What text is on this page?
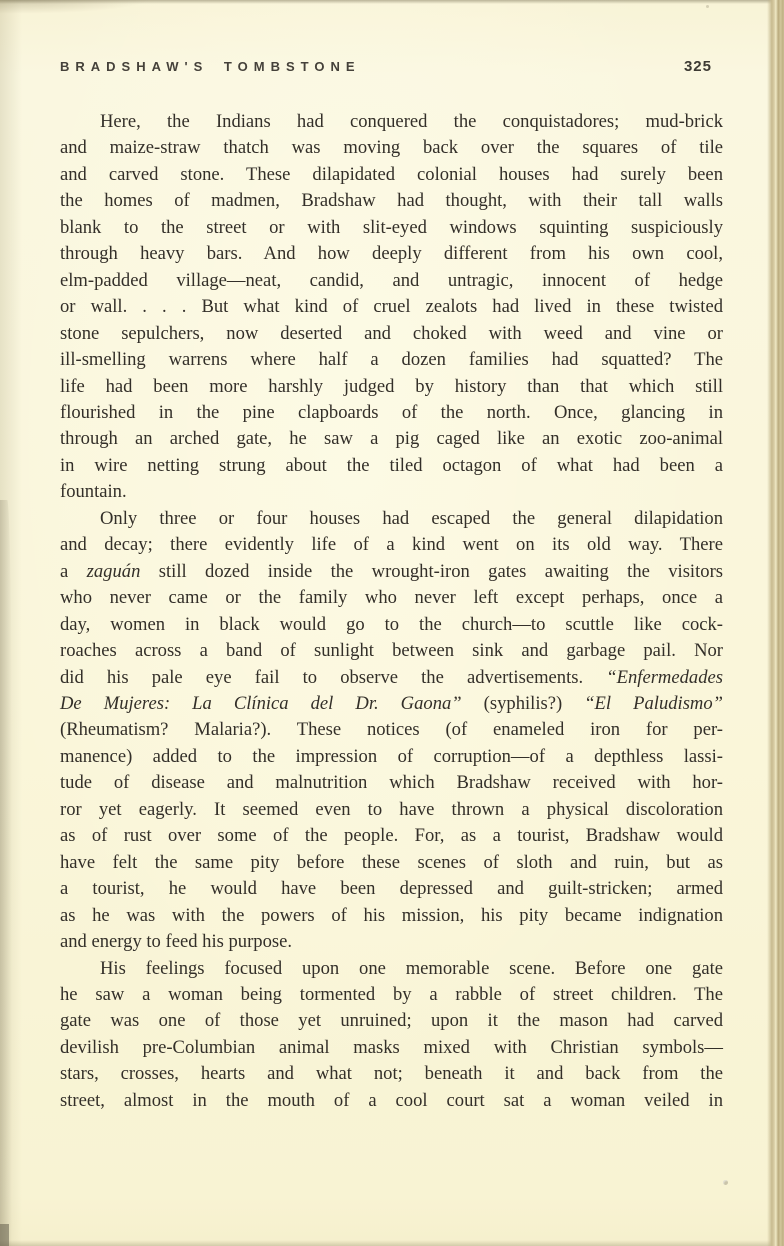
BRADSHAW'S TOMBSTONE	325
Here, the Indians had conquered the conquistadores; mud-brick
and maize-straw thatch was moving back over the squares of tile
and carved stone. These dilapidated colonial houses had surely been
the homes of madmen, Bradshaw had thought, with their tall walls
blank to the street or with slit-eyed windows squinting suspiciously
through heavy bars. And how deeply different from his own cool,
elm-padded village—neat, candid, and untragic, innocent of hedge
or wall. . . . But what kind of cruel zealots had lived in these twisted
stone sepulchers, now deserted and choked with weed and vine or
ill-smelling warrens where half a dozen families had squatted? The
life had been more harshly judged by history than that which still
flourished in the pine clapboards of the north. Once, glancing in
through an arched gate, he saw a pig caged like an exotic zoo-animal
in wire netting strung about the tiled octagon of what had been a
fountain.
Only three or four houses had escaped the general dilapidation
and decay; there evidently life of a kind went on its old way. There
a zaguán still dozed inside the wrought-iron gates awaiting the visitors
who never came or the family who never left except perhaps, once a
day, women in black would go to the church—to scuttle like cock-
roaches across a band of sunlight between sink and garbage pail. Nor
did his pale eye fail to observe the advertisements. “Enfermedades
De Mujeres: La Clínica del Dr. Gaona” (syphilis?) “El Paludismo”
(Rheumatism? Malaria?). These notices (of enameled iron for per-
manence) added to the impression of corruption—of a depthless lassi-
tude of disease and malnutrition which Bradshaw received with hor-
ror yet eagerly. It seemed even to have thrown a physical discoloration
as of rust over some of the people. For, as a tourist, Bradshaw would
have felt the same pity before these scenes of sloth and ruin, but as
a tourist, he would have been depressed and guilt-stricken; armed
as he was with the powers of his mission, his pity became indignation
and energy to feed his purpose.
His feelings focused upon one memorable scene. Before one gate
he saw a woman being tormented by a rabble of street children. The
gate was one of those yet unruined; upon it the mason had carved
devilish pre-Columbian animal masks mixed with Christian symbols—
stars, crosses, hearts and what not; beneath it and back from the
street, almost in the mouth of a cool court sat a woman veiled in
